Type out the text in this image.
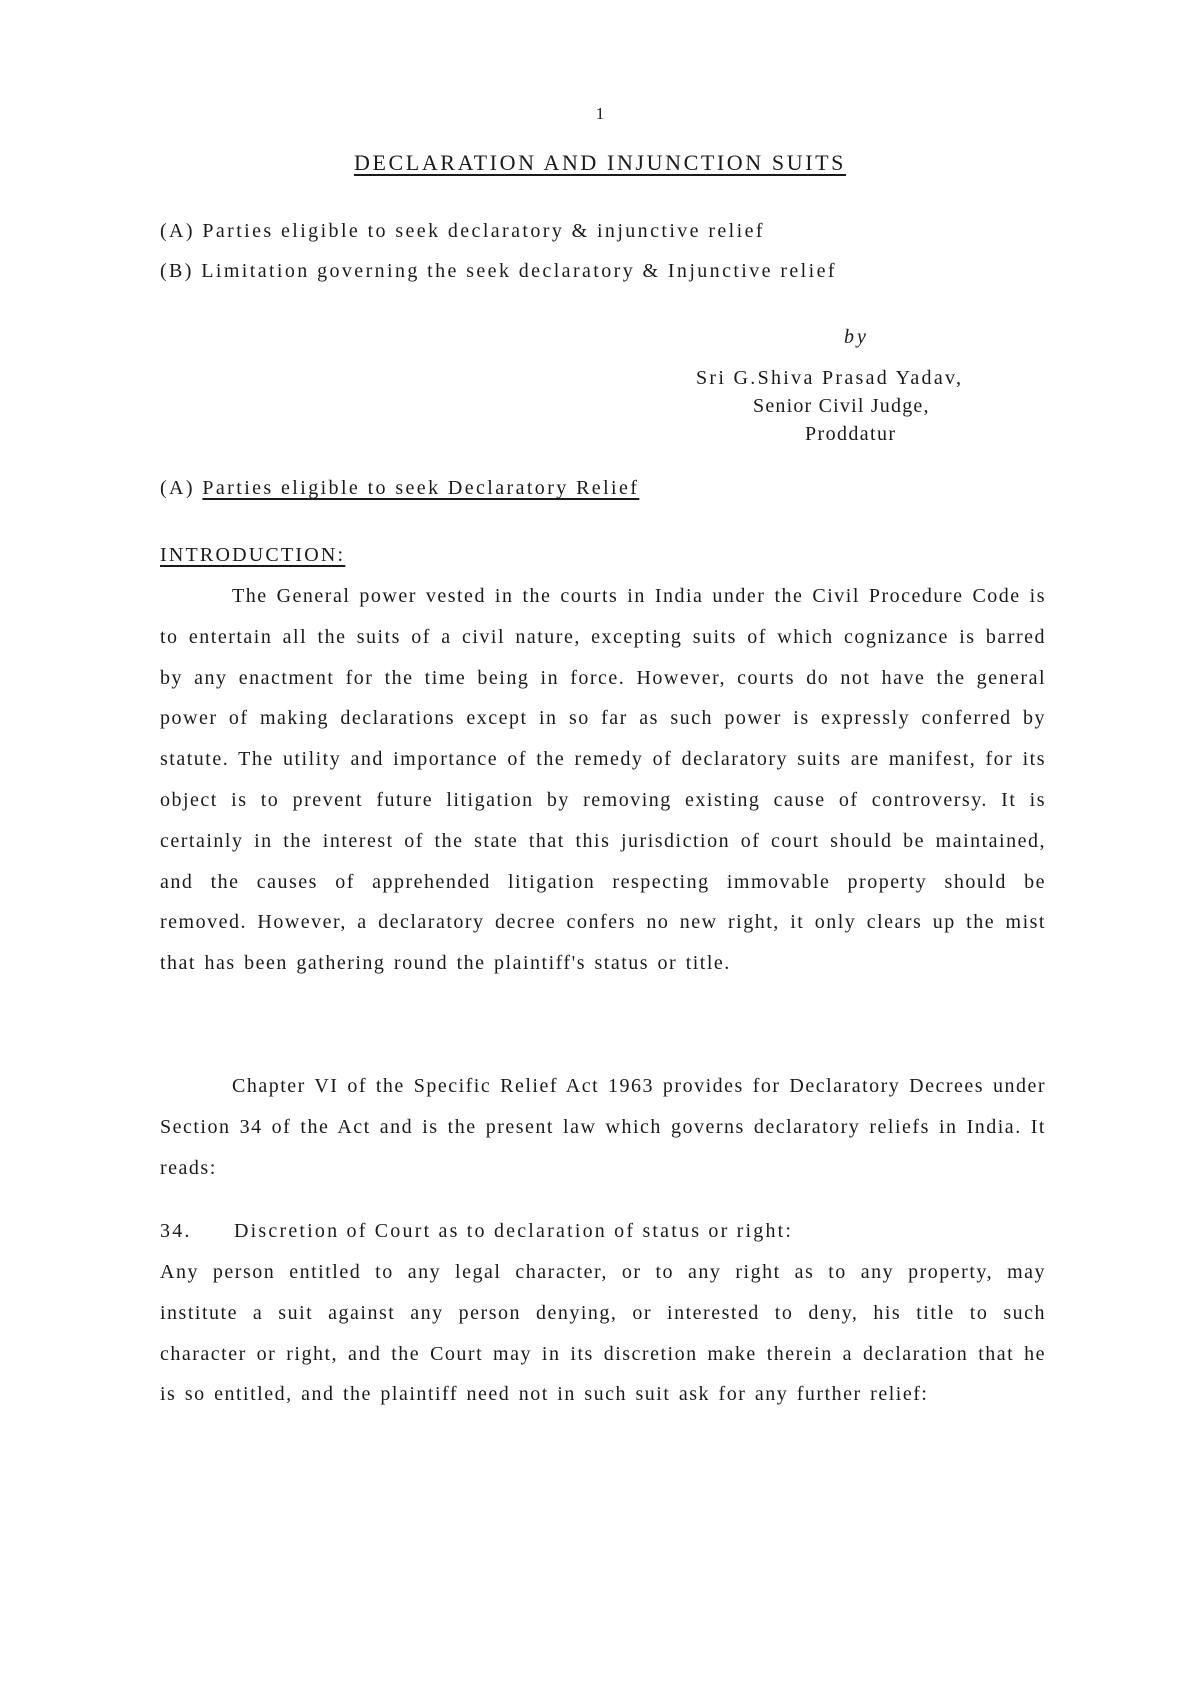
1
DECLARATION AND INJUNCTION SUITS
(A) Parties eligible to seek declaratory & injunctive relief
(B) Limitation governing the seek declaratory & Injunctive relief
by
Sri G.Shiva Prasad Yadav,
Senior Civil Judge,
Proddatur
(A) Parties eligible to seek Declaratory Relief
INTRODUCTION:

The General power vested in the courts in India under the Civil Procedure Code is to entertain all the suits of a civil nature, excepting suits of which cognizance is barred by any enactment for the time being in force. However, courts do not have the general power of making declarations except in so far as such power is expressly conferred by statute. The utility and importance of the remedy of declaratory suits are manifest, for its object is to prevent future litigation by removing existing cause of controversy. It is certainly in the interest of the state that this jurisdiction of court should be maintained, and the causes of apprehended litigation respecting immovable property should be removed. However, a declaratory decree confers no new right, it only clears up the mist that has been gathering round the plaintiff's status or title.

Chapter VI of the Specific Relief Act 1963 provides for Declaratory Decrees under Section 34 of the Act and is the present law which governs declaratory reliefs in India. It reads:

34. Discretion of Court as to declaration of status or right:

Any person entitled to any legal character, or to any right as to any property, may institute a suit against any person denying, or interested to deny, his title to such character or right, and the Court may in its discretion make therein a declaration that he is so entitled, and the plaintiff need not in such suit ask for any further relief:
